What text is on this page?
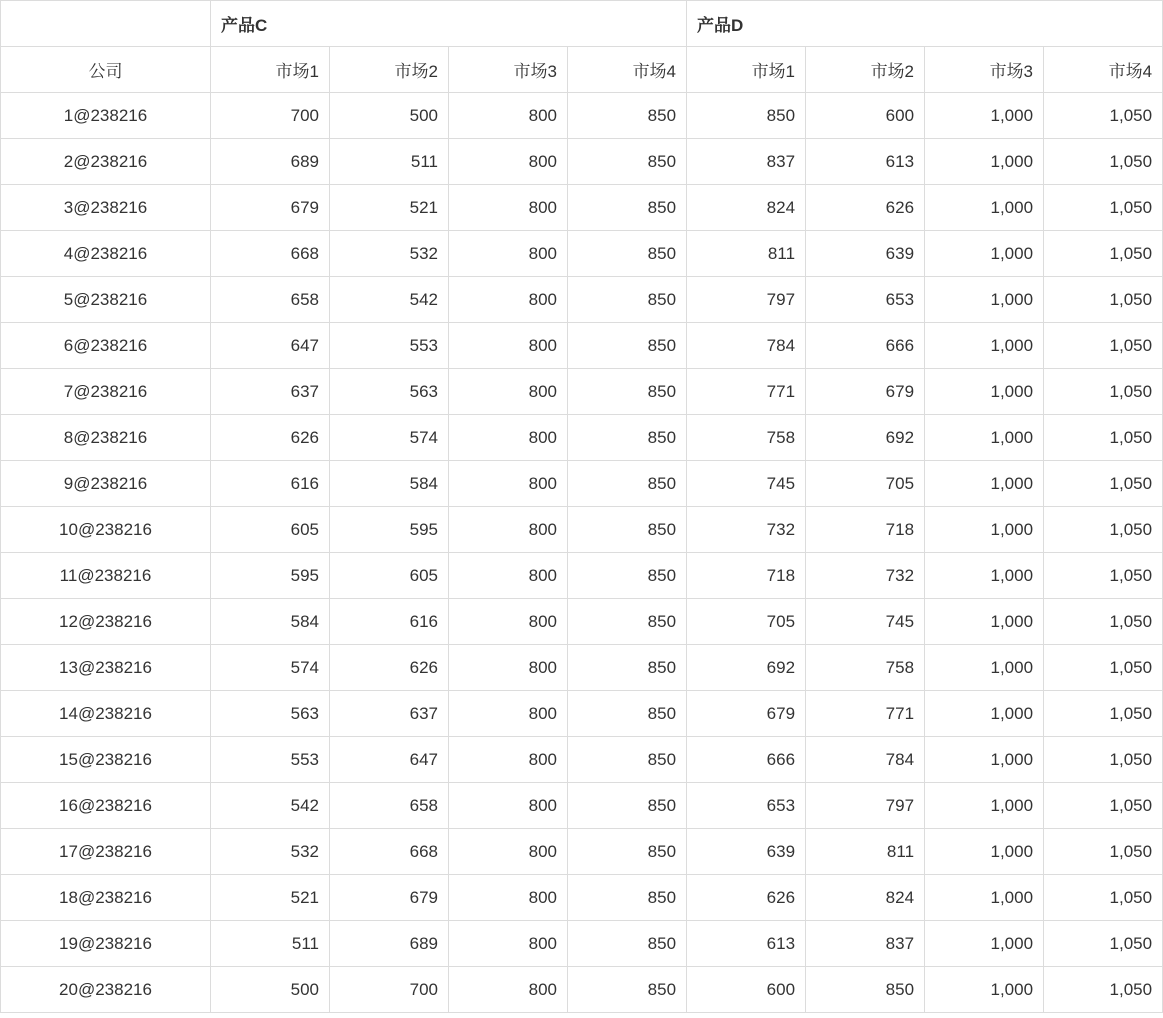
	产品C				产品D			
公司	市场1	市场2	市场3	市场4	市场1	市场2	市场3	市场4
1@238216	700	500	800	850	850	600	1,000	1,050
2@238216	689	511	800	850	837	613	1,000	1,050
3@238216	679	521	800	850	824	626	1,000	1,050
4@238216	668	532	800	850	811	639	1,000	1,050
5@238216	658	542	800	850	797	653	1,000	1,050
6@238216	647	553	800	850	784	666	1,000	1,050
7@238216	637	563	800	850	771	679	1,000	1,050
8@238216	626	574	800	850	758	692	1,000	1,050
9@238216	616	584	800	850	745	705	1,000	1,050
10@238216	605	595	800	850	732	718	1,000	1,050
11@238216	595	605	800	850	718	732	1,000	1,050
12@238216	584	616	800	850	705	745	1,000	1,050
13@238216	574	626	800	850	692	758	1,000	1,050
14@238216	563	637	800	850	679	771	1,000	1,050
15@238216	553	647	800	850	666	784	1,000	1,050
16@238216	542	658	800	850	653	797	1,000	1,050
17@238216	532	668	800	850	639	811	1,000	1,050
18@238216	521	679	800	850	626	824	1,000	1,050
19@238216	511	689	800	850	613	837	1,000	1,050
20@238216	500	700	800	850	600	850	1,000	1,050
